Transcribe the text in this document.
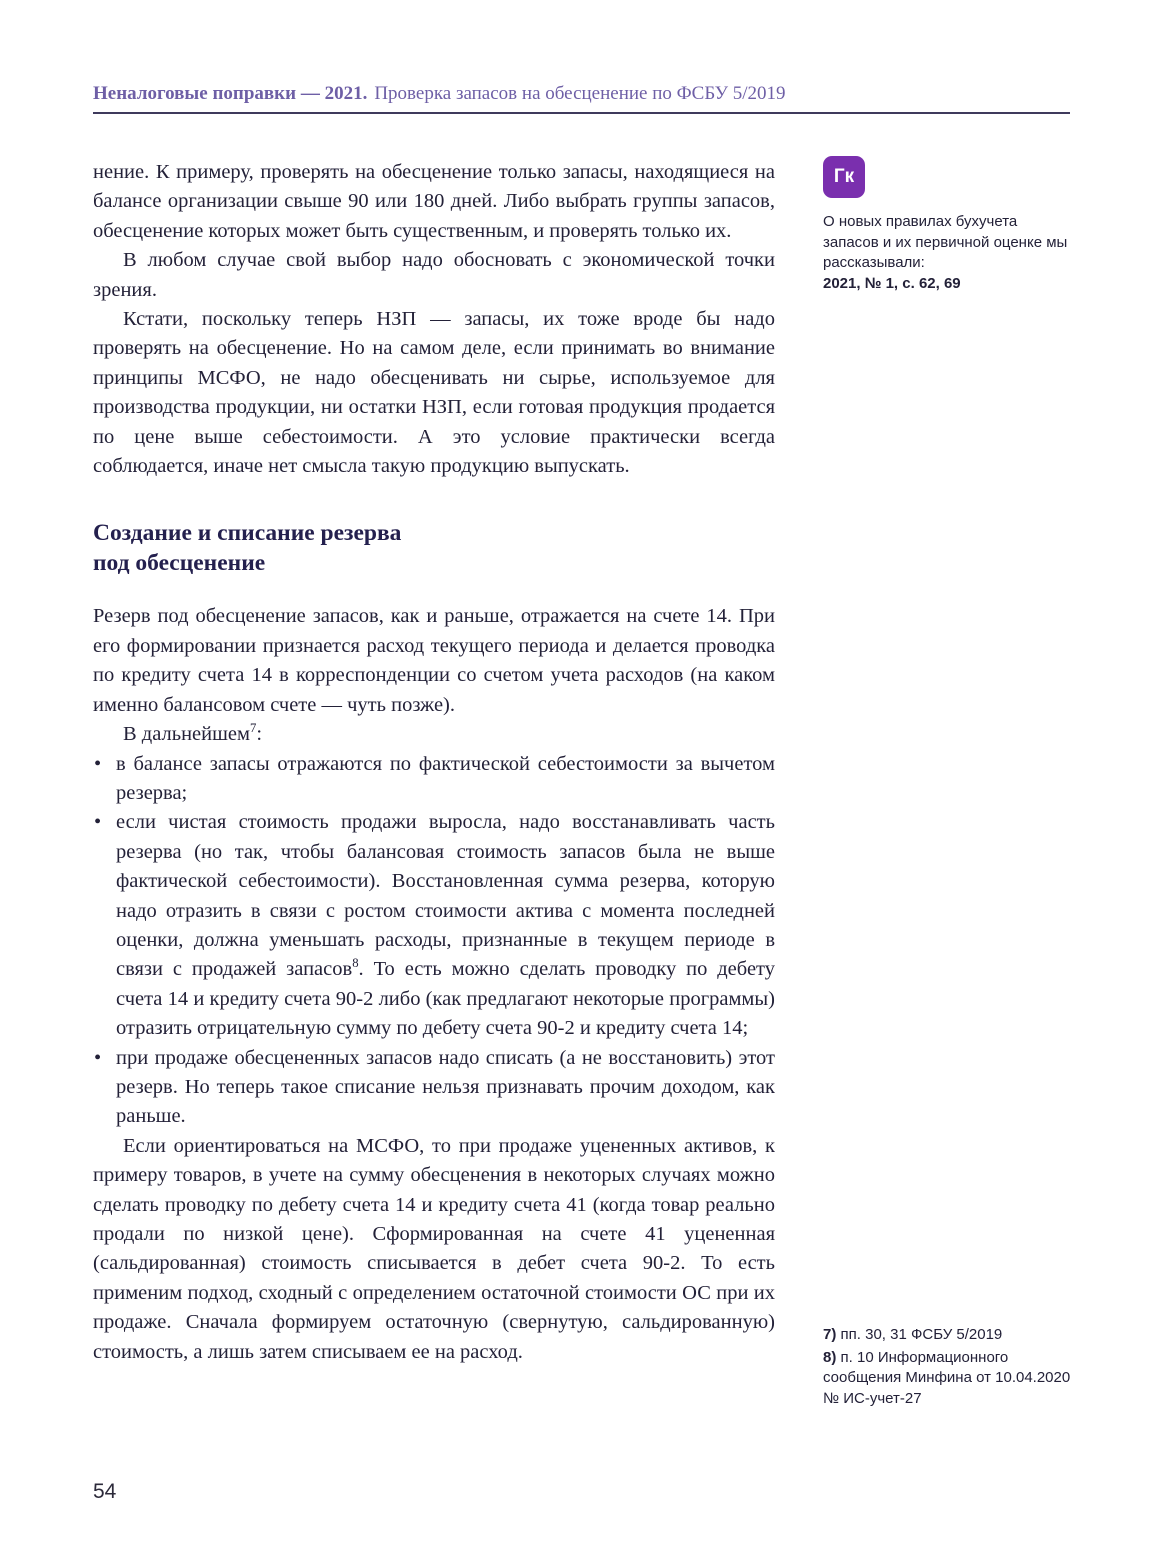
Неналоговые поправки — 2021. Проверка запасов на обесценение по ФСБУ 5/2019

нение. К примеру, проверять на обесценение только запасы, находящиеся на балансе организации свыше 90 или 180 дней. Либо выбрать группы запасов, обесценение которых может быть существенным, и проверять только их.

В любом случае свой выбор надо обосновать с экономической точки зрения.

Кстати, поскольку теперь НЗП — запасы, их тоже вроде бы надо проверять на обесценение. Но на самом деле, если принимать во внимание принципы МСФО, не надо обесценивать ни сырье, используемое для производства продукции, ни остатки НЗП, если готовая продукция продается по цене выше себестоимости. А это условие практически всегда соблюдается, иначе нет смысла такую продукцию выпускать.

Создание и списание резерва
под обесценение

Резерв под обесценение запасов, как и раньше, отражается на счете 14. При его формировании признается расход текущего периода и делается проводка по кредиту счета 14 в корреспонденции со счетом учета расходов (на каком именно балансовом счете — чуть позже).

В дальнейшем$^7$:

• в балансе запасы отражаются по фактической себестоимости за вычетом резерва;
• если чистая стоимость продажи выросла, надо восстанавливать часть резерва (но так, чтобы балансовая стоимость запасов была не выше фактической себестоимости). Восстановленная сумма резерва, которую надо отразить в связи с ростом стоимости актива с момента последней оценки, должна уменьшать расходы, признанные в текущем периоде в связи с продажей запасов$^8$. То есть можно сделать проводку по дебету счета 14 и кредиту счета 90-2 либо (как предлагают некоторые программы) отразить отрицательную сумму по дебету счета 90-2 и кредиту счета 14;
• при продаже обесцененных запасов надо списать (а не восстановить) этот резерв. Но теперь такое списание нельзя признавать прочим доходом, как раньше.

Если ориентироваться на МСФО, то при продаже уцененных активов, к примеру товаров, в учете на сумму обесценения в некоторых случаях можно сделать проводку по дебету счета 14 и кредиту счета 41 (когда товар реально продали по низкой цене). Сформированная на счете 41 уцененная (сальдированная) стоимость списывается в дебет счета 90-2. То есть применим подход, сходный с определением остаточной стоимости ОС при их продаже. Сначала формируем остаточную (свернутую, сальдированную) стоимость, а лишь затем списываем ее на расход.

Гк

О новых правилах бухучета запасов и их первичной оценке мы рассказывали:

2021, № 1, с. 62, 69

7) пп. 30, 31 ФСБУ 5/2019

8) п. 10 Информационного сообщения Минфина от 10.04.2020 № ИС-учет-27

54
